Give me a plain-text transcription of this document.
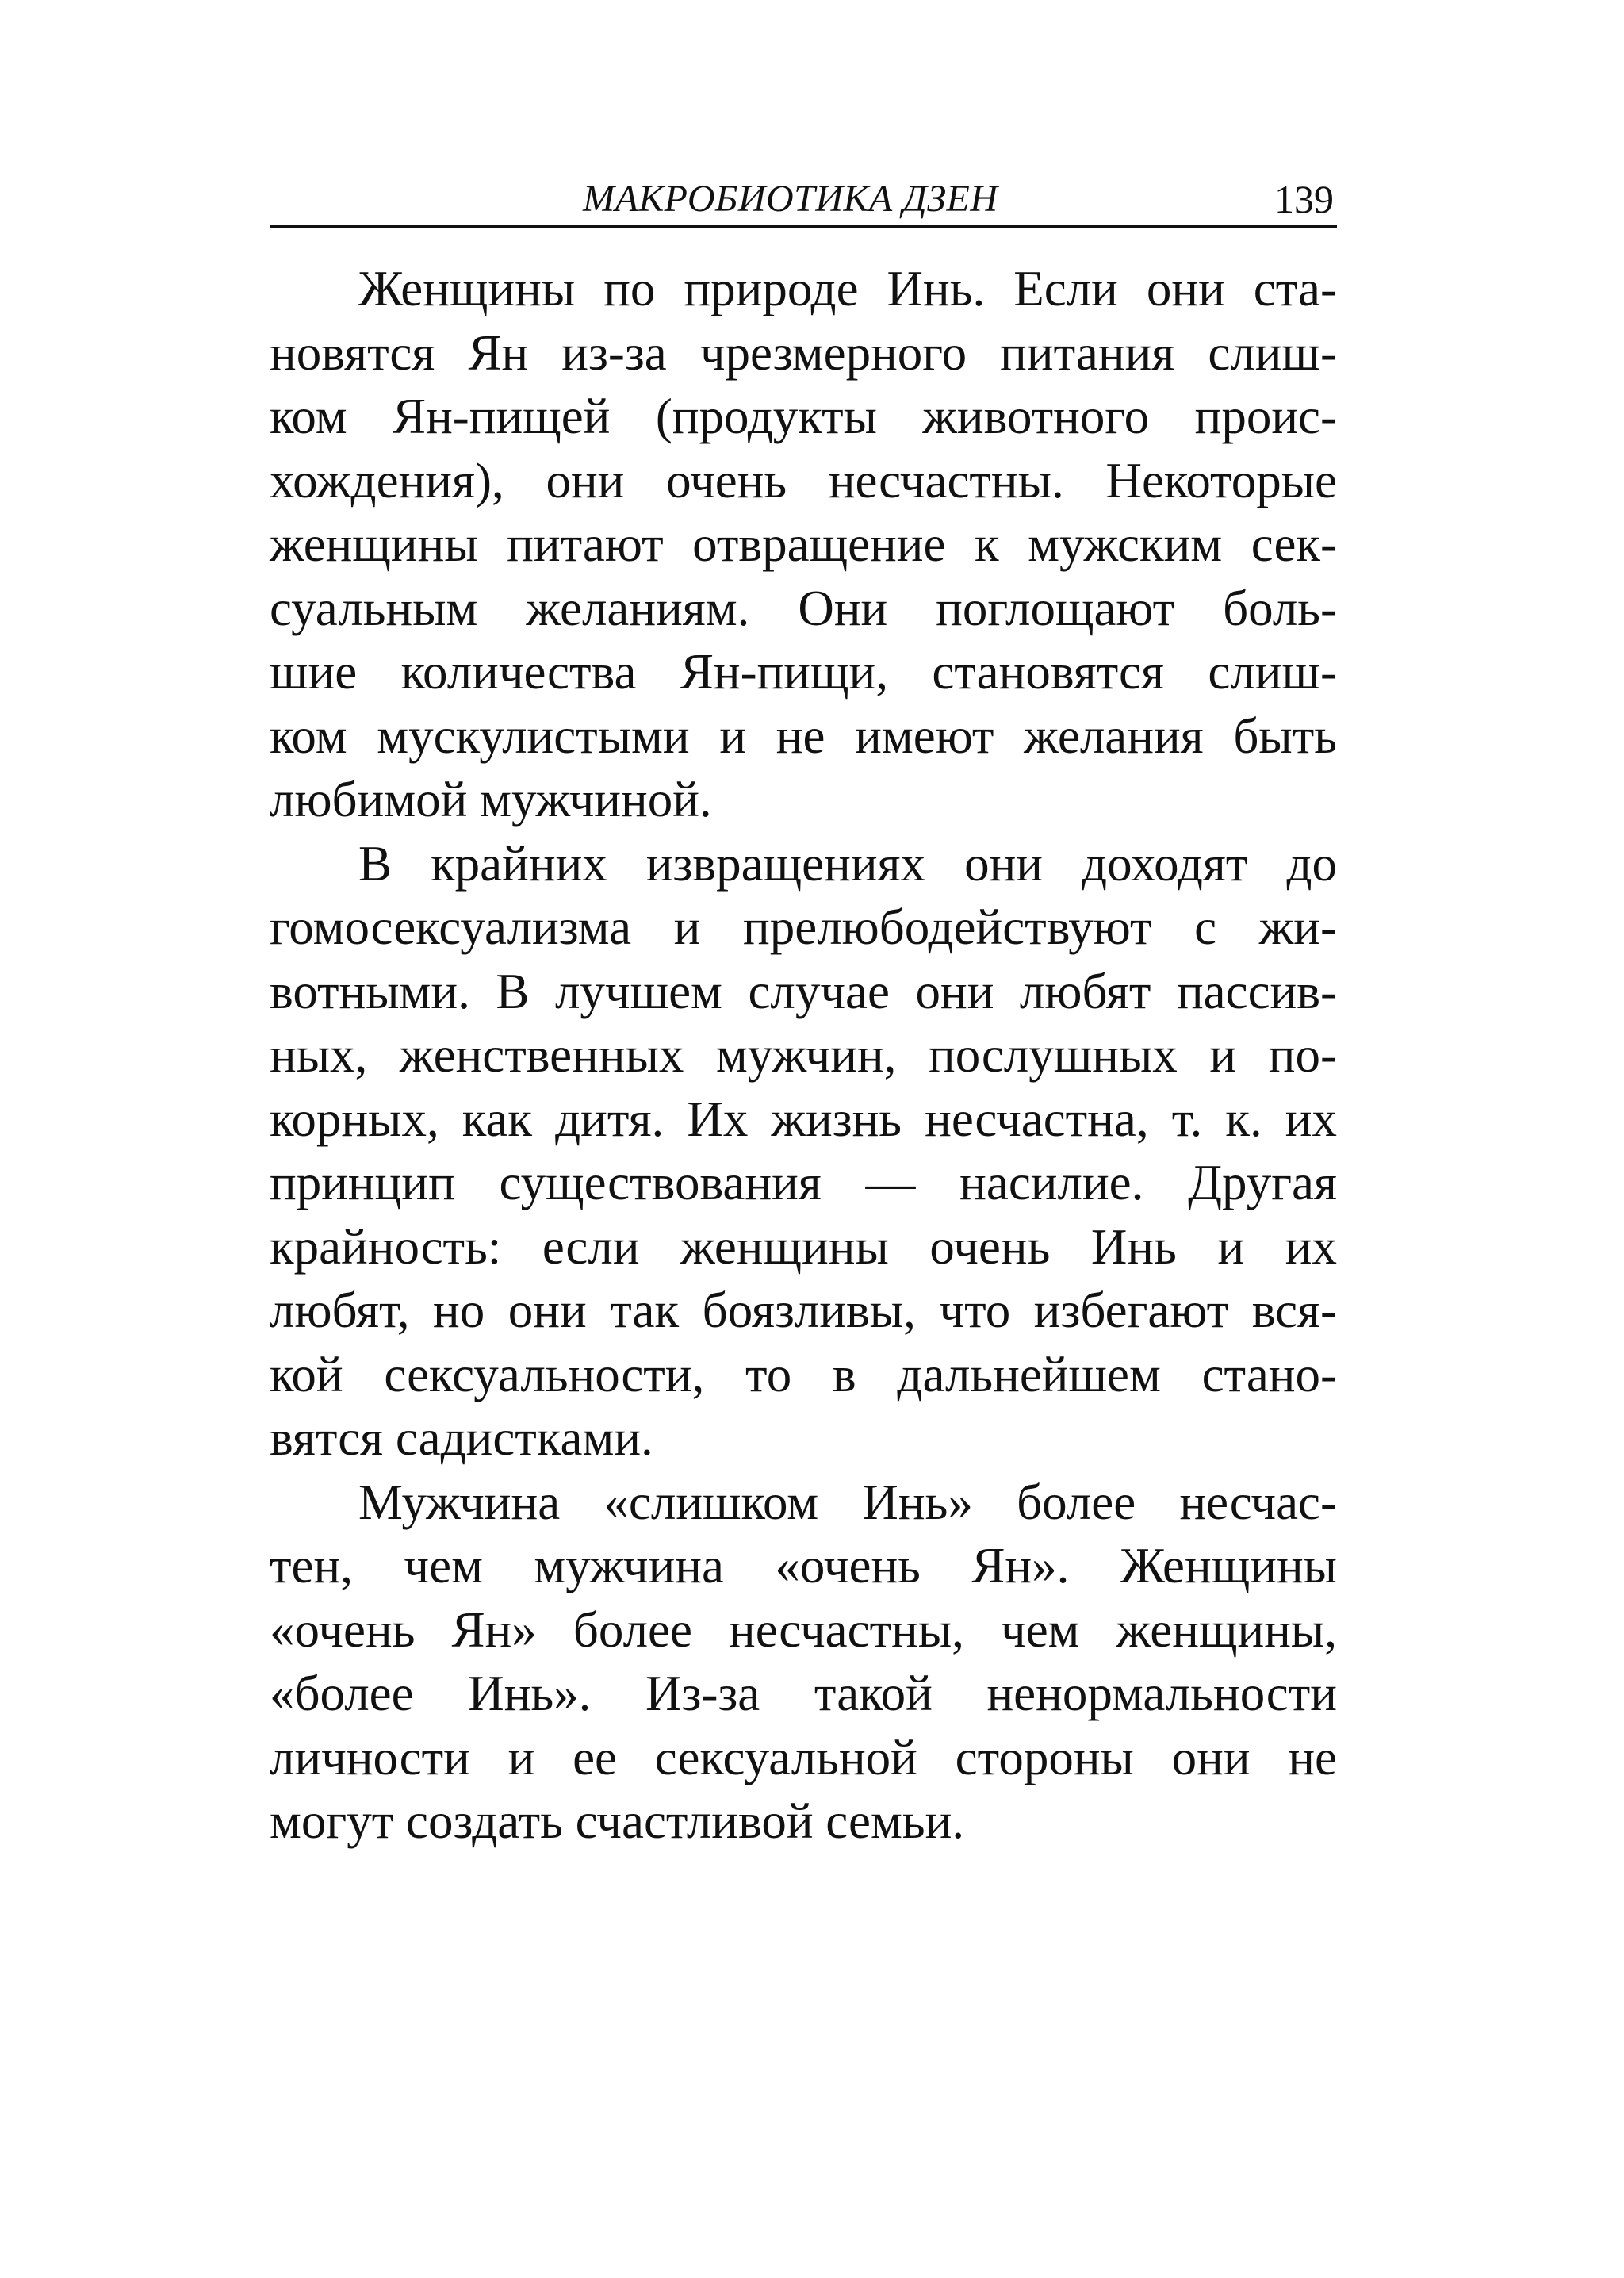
МАКРОБИОТИКА ДЗЕН	139
Женщины по природе Инь. Если они ста-
новятся Ян из-за чрезмерного питания слиш-
ком Ян-пищей (продукты животного проис-
хождения), они очень несчастны. Некоторые
женщины питают отвращение к мужским сек-
суальным желаниям. Они поглощают боль-
шие количества Ян-пищи, становятся слиш-
ком мускулистыми и не имеют желания быть
любимой мужчиной.
В крайних извращениях они доходят до
гомосексуализма и прелюбодействуют с жи-
вотными. В лучшем случае они любят пассив-
ных, женственных мужчин, послушных и по-
корных, как дитя. Их жизнь несчастна, т. к. их
принцип существования — насилие. Другая
крайность: если женщины очень Инь и их
любят, но они так боязливы, что избегают вся-
кой сексуальности, то в дальнейшем стано-
вятся садистками.
Мужчина «слишком Инь» более несчас-
тен, чем мужчина «очень Ян». Женщины
«очень Ян» более несчастны, чем женщины,
«более Инь». Из-за такой ненормальности
личности и ее сексуальной стороны они не
могут создать счастливой семьи.
